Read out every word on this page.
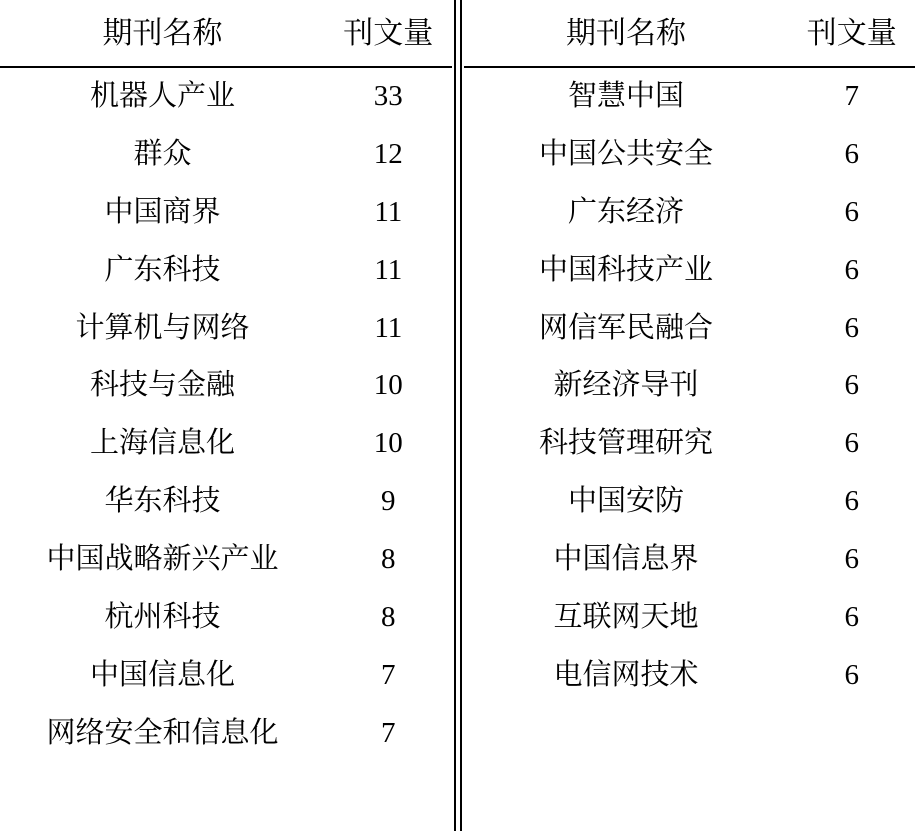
期刊名称	刊文量
机器人产业	33
群众	12
中国商界	11
广东科技	11
计算机与网络	11
科技与金融	10
上海信息化	10
华东科技	9
中国战略新兴产业	8
杭州科技	8
中国信息化	7
网络安全和信息化	7
期刊名称	刊文量
智慧中国	7
中国公共安全	6
广东经济	6
中国科技产业	6
网信军民融合	6
新经济导刊	6
科技管理研究	6
中国安防	6
中国信息界	6
互联网天地	6
电信网技术	6
